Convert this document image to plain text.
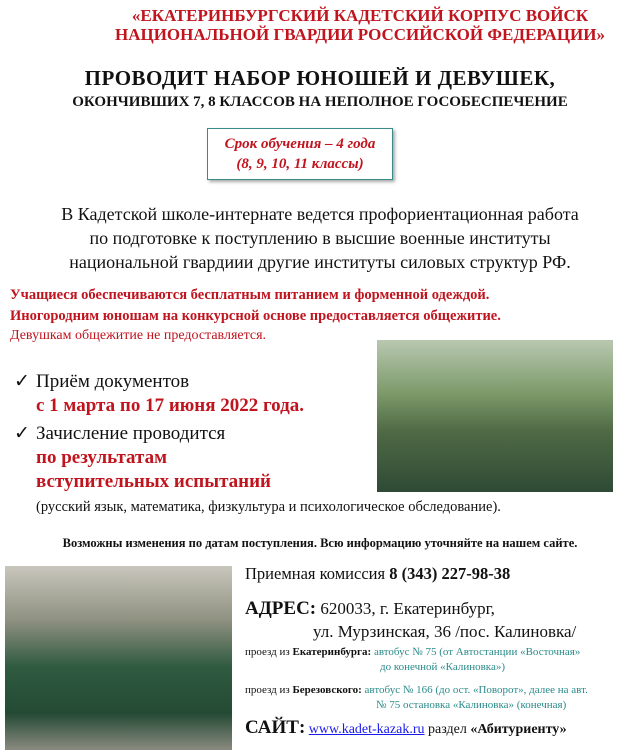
«ЕКАТЕРИНБУРГСКИЙ КАДЕТСКИЙ КОРПУС ВОЙСК
НАЦИОНАЛЬНОЙ ГВАРДИИ РОССИЙСКОЙ ФЕДЕРАЦИИ»
ПРОВОДИТ НАБОР ЮНОШЕЙ И ДЕВУШЕК,
ОКОНЧИВШИХ 7, 8 КЛАССОВ НА НЕПОЛНОЕ ГОСОБЕСПЕЧЕНИЕ
Срок обучения – 4 года
(8, 9, 10, 11 классы)
В Кадетской школе-интернате ведется профориентационная работа
по подготовке к поступлению в высшие военные институты
национальной гвардиии другие институты силовых структур РФ.
Учащиеся обеспечиваются бесплатным питанием и форменной одеждой.
Иногородним юношам на конкурсной основе предоставляется общежитие.
Девушкам общежитие не предоставляется.
✓ Приём документов
с 1 марта по 17 июня 2022 года.
✓ Зачисление проводится
по результатам
вступительных испытаний
(русский язык, математика, физкультура и психологическое обследование).
Возможны изменения по датам поступления. Всю информацию уточняйте на нашем сайте.
Приемная комиссия 8 (343) 227-98-38
АДРЕС: 620033, г. Екатеринбург,
ул. Мурзинская, 36 /пос. Калиновка/
проезд из Екатеринбурга: автобус № 75 (от Автостанции «Восточная»
до конечной «Калиновка»)
проезд из Березовского: автобус № 166 (до ост. «Поворот», далее на авт.
№ 75 остановка «Калиновка» (конечная)
САЙТ: www.kadet-kazak.ru раздел «Абитуриенту»
